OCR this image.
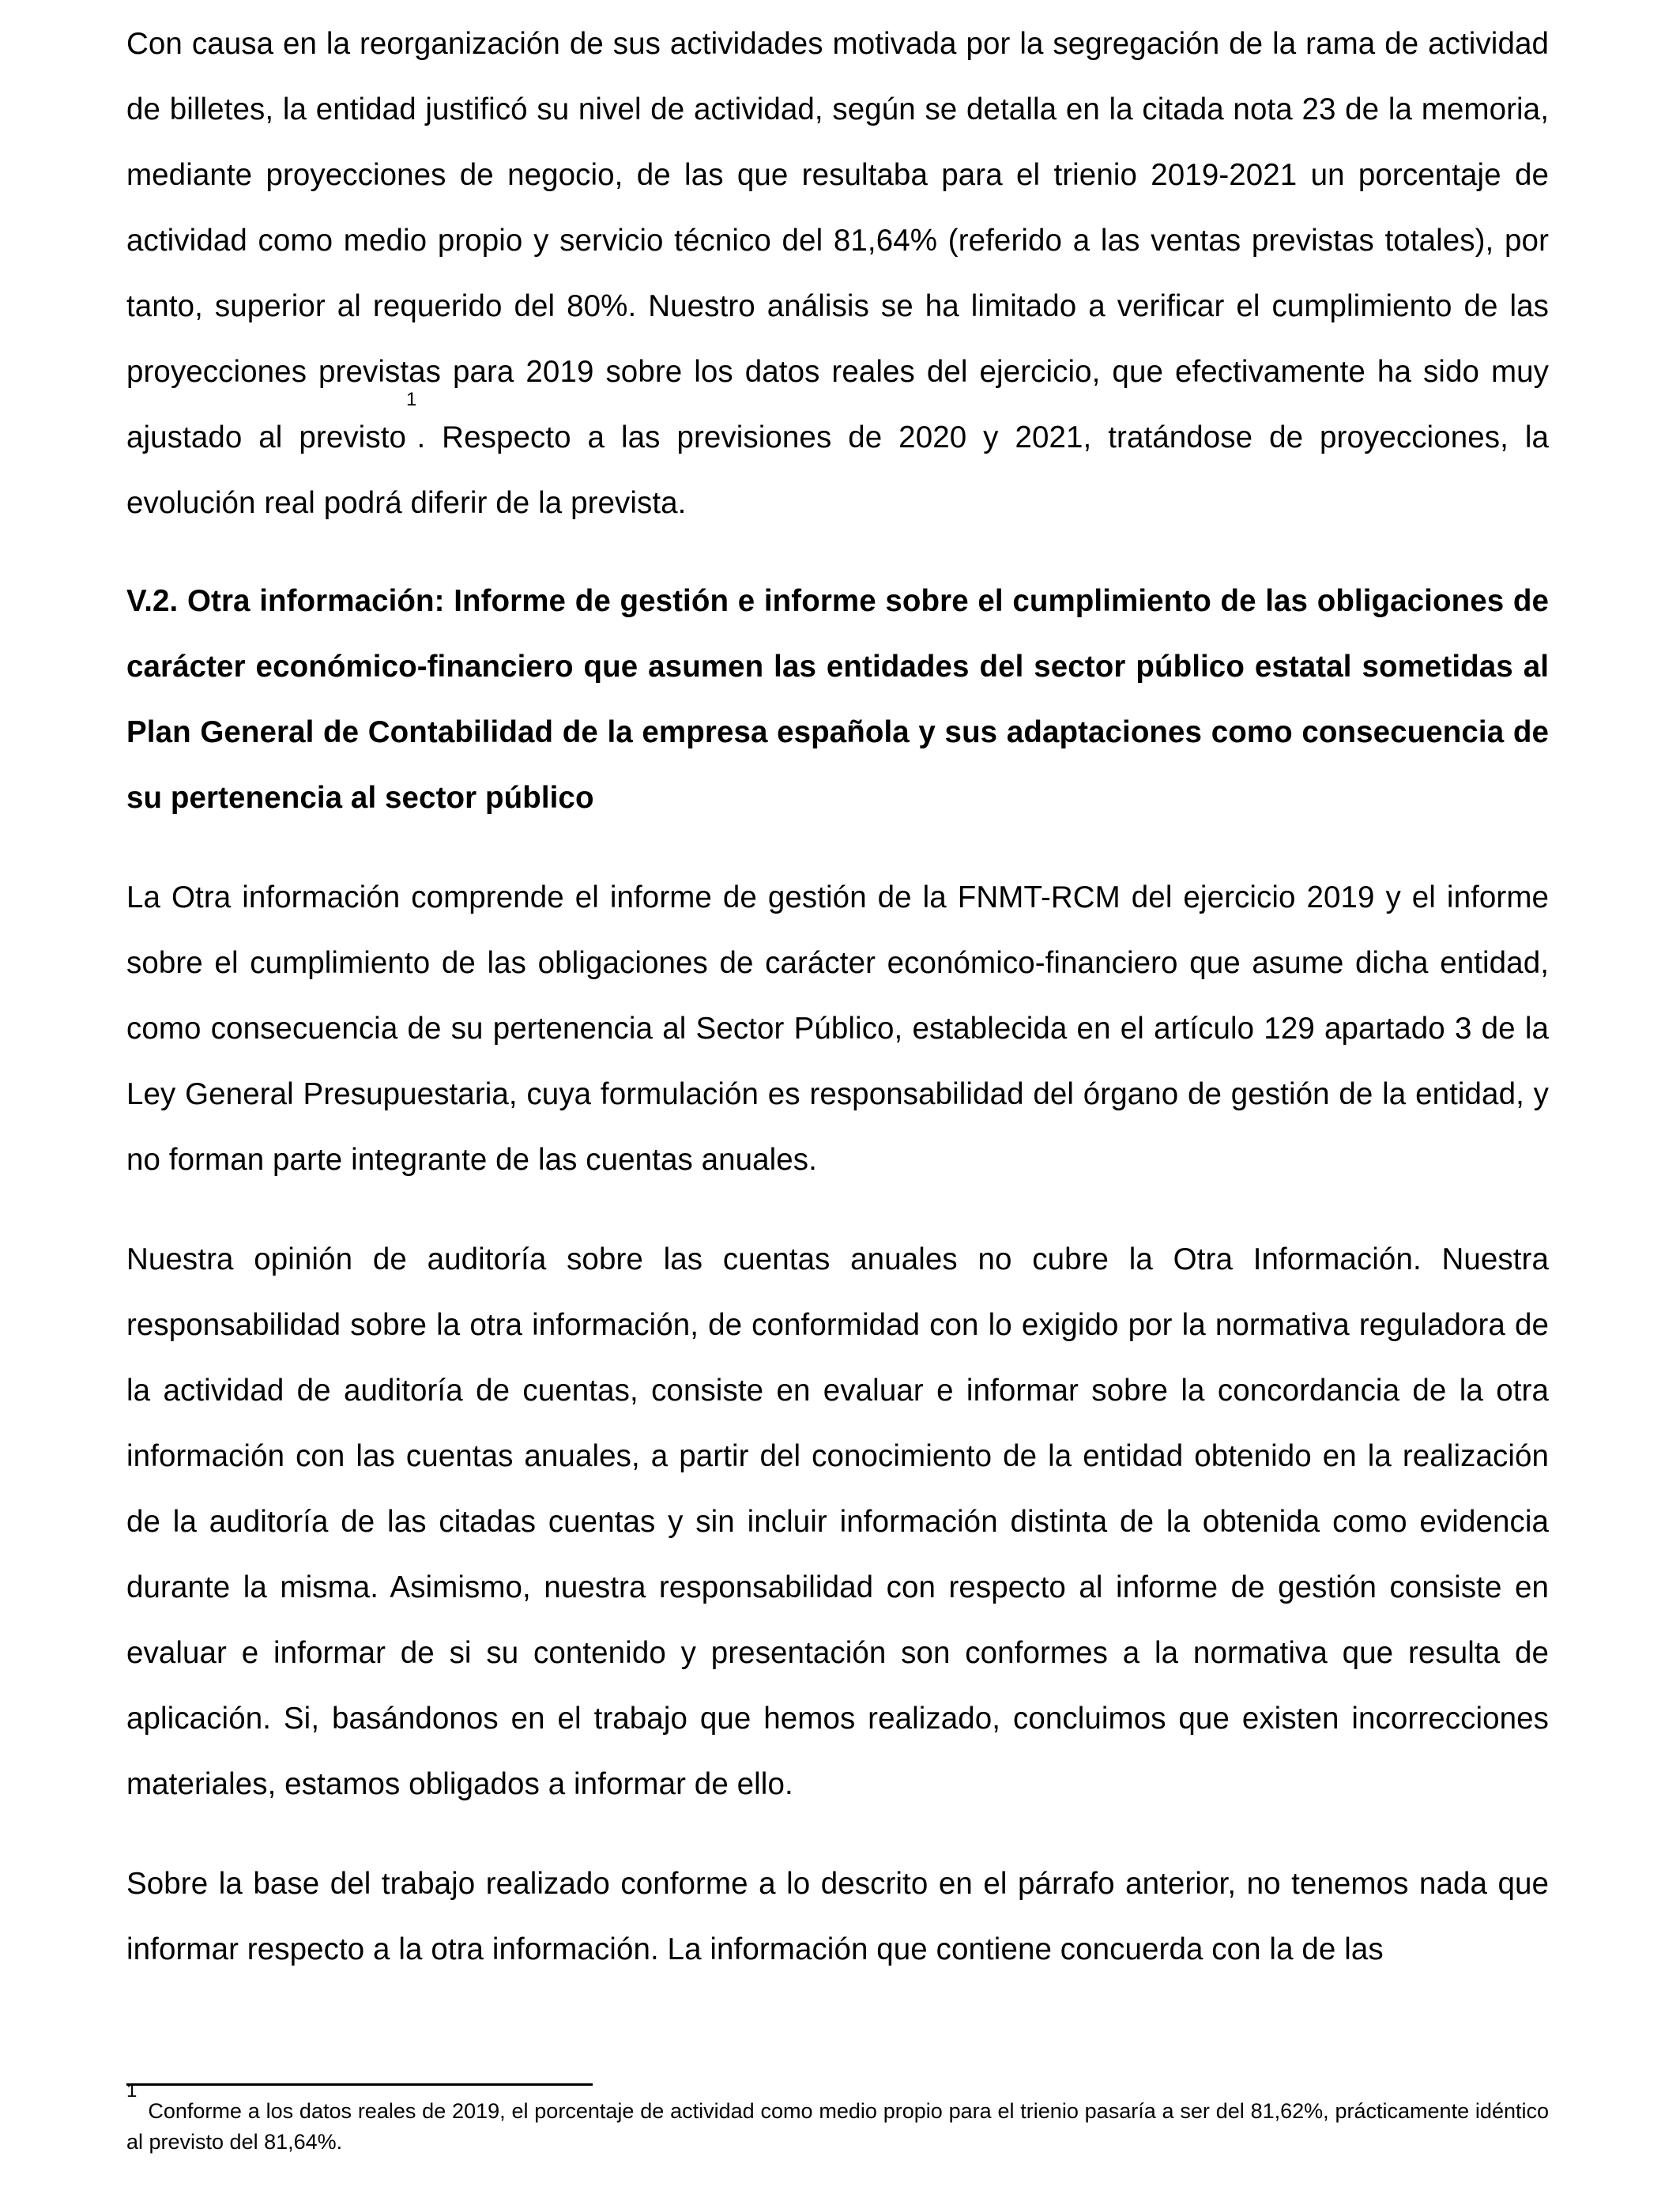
Con causa en la reorganización de sus actividades motivada por la segregación de la rama de actividad de billetes, la entidad justificó su nivel de actividad, según se detalla en la citada nota 23 de la memoria, mediante proyecciones de negocio, de las que resultaba para el trienio 2019-2021 un porcentaje de actividad como medio propio y servicio técnico del 81,64% (referido a las ventas previstas totales), por tanto, superior al requerido del 80%. Nuestro análisis se ha limitado a verificar el cumplimiento de las proyecciones previstas para 2019 sobre los datos reales del ejercicio, que efectivamente ha sido muy ajustado al previsto$^1$. Respecto a las previsiones de 2020 y 2021, tratándose de proyecciones, la evolución real podrá diferir de la prevista.

V.2. Otra información: Informe de gestión e informe sobre el cumplimiento de las obligaciones de carácter económico-financiero que asumen las entidades del sector público estatal sometidas al Plan General de Contabilidad de la empresa española y sus adaptaciones como consecuencia de su pertenencia al sector público

La Otra información comprende el informe de gestión de la FNMT-RCM del ejercicio 2019 y el informe sobre el cumplimiento de las obligaciones de carácter económico-financiero que asume dicha entidad, como consecuencia de su pertenencia al Sector Público, establecida en el artículo 129 apartado 3 de la Ley General Presupuestaria, cuya formulación es responsabilidad del órgano de gestión de la entidad, y no forman parte integrante de las cuentas anuales.

Nuestra opinión de auditoría sobre las cuentas anuales no cubre la Otra Información. Nuestra responsabilidad sobre la otra información, de conformidad con lo exigido por la normativa reguladora de la actividad de auditoría de cuentas, consiste en evaluar e informar sobre la concordancia de la otra información con las cuentas anuales, a partir del conocimiento de la entidad obtenido en la realización de la auditoría de las citadas cuentas y sin incluir información distinta de la obtenida como evidencia durante la misma. Asimismo, nuestra responsabilidad con respecto al informe de gestión consiste en evaluar e informar de si su contenido y presentación son conformes a la normativa que resulta de aplicación. Si, basándonos en el trabajo que hemos realizado, concluimos que existen incorrecciones materiales, estamos obligados a informar de ello.

Sobre la base del trabajo realizado conforme a lo descrito en el párrafo anterior, no tenemos nada que informar respecto a la otra información. La información que contiene concuerda con la de las

$^1$Conforme a los datos reales de 2019, el porcentaje de actividad como medio propio para el trienio pasaría a ser del 81,62%, prácticamente idéntico al previsto del 81,64%.
